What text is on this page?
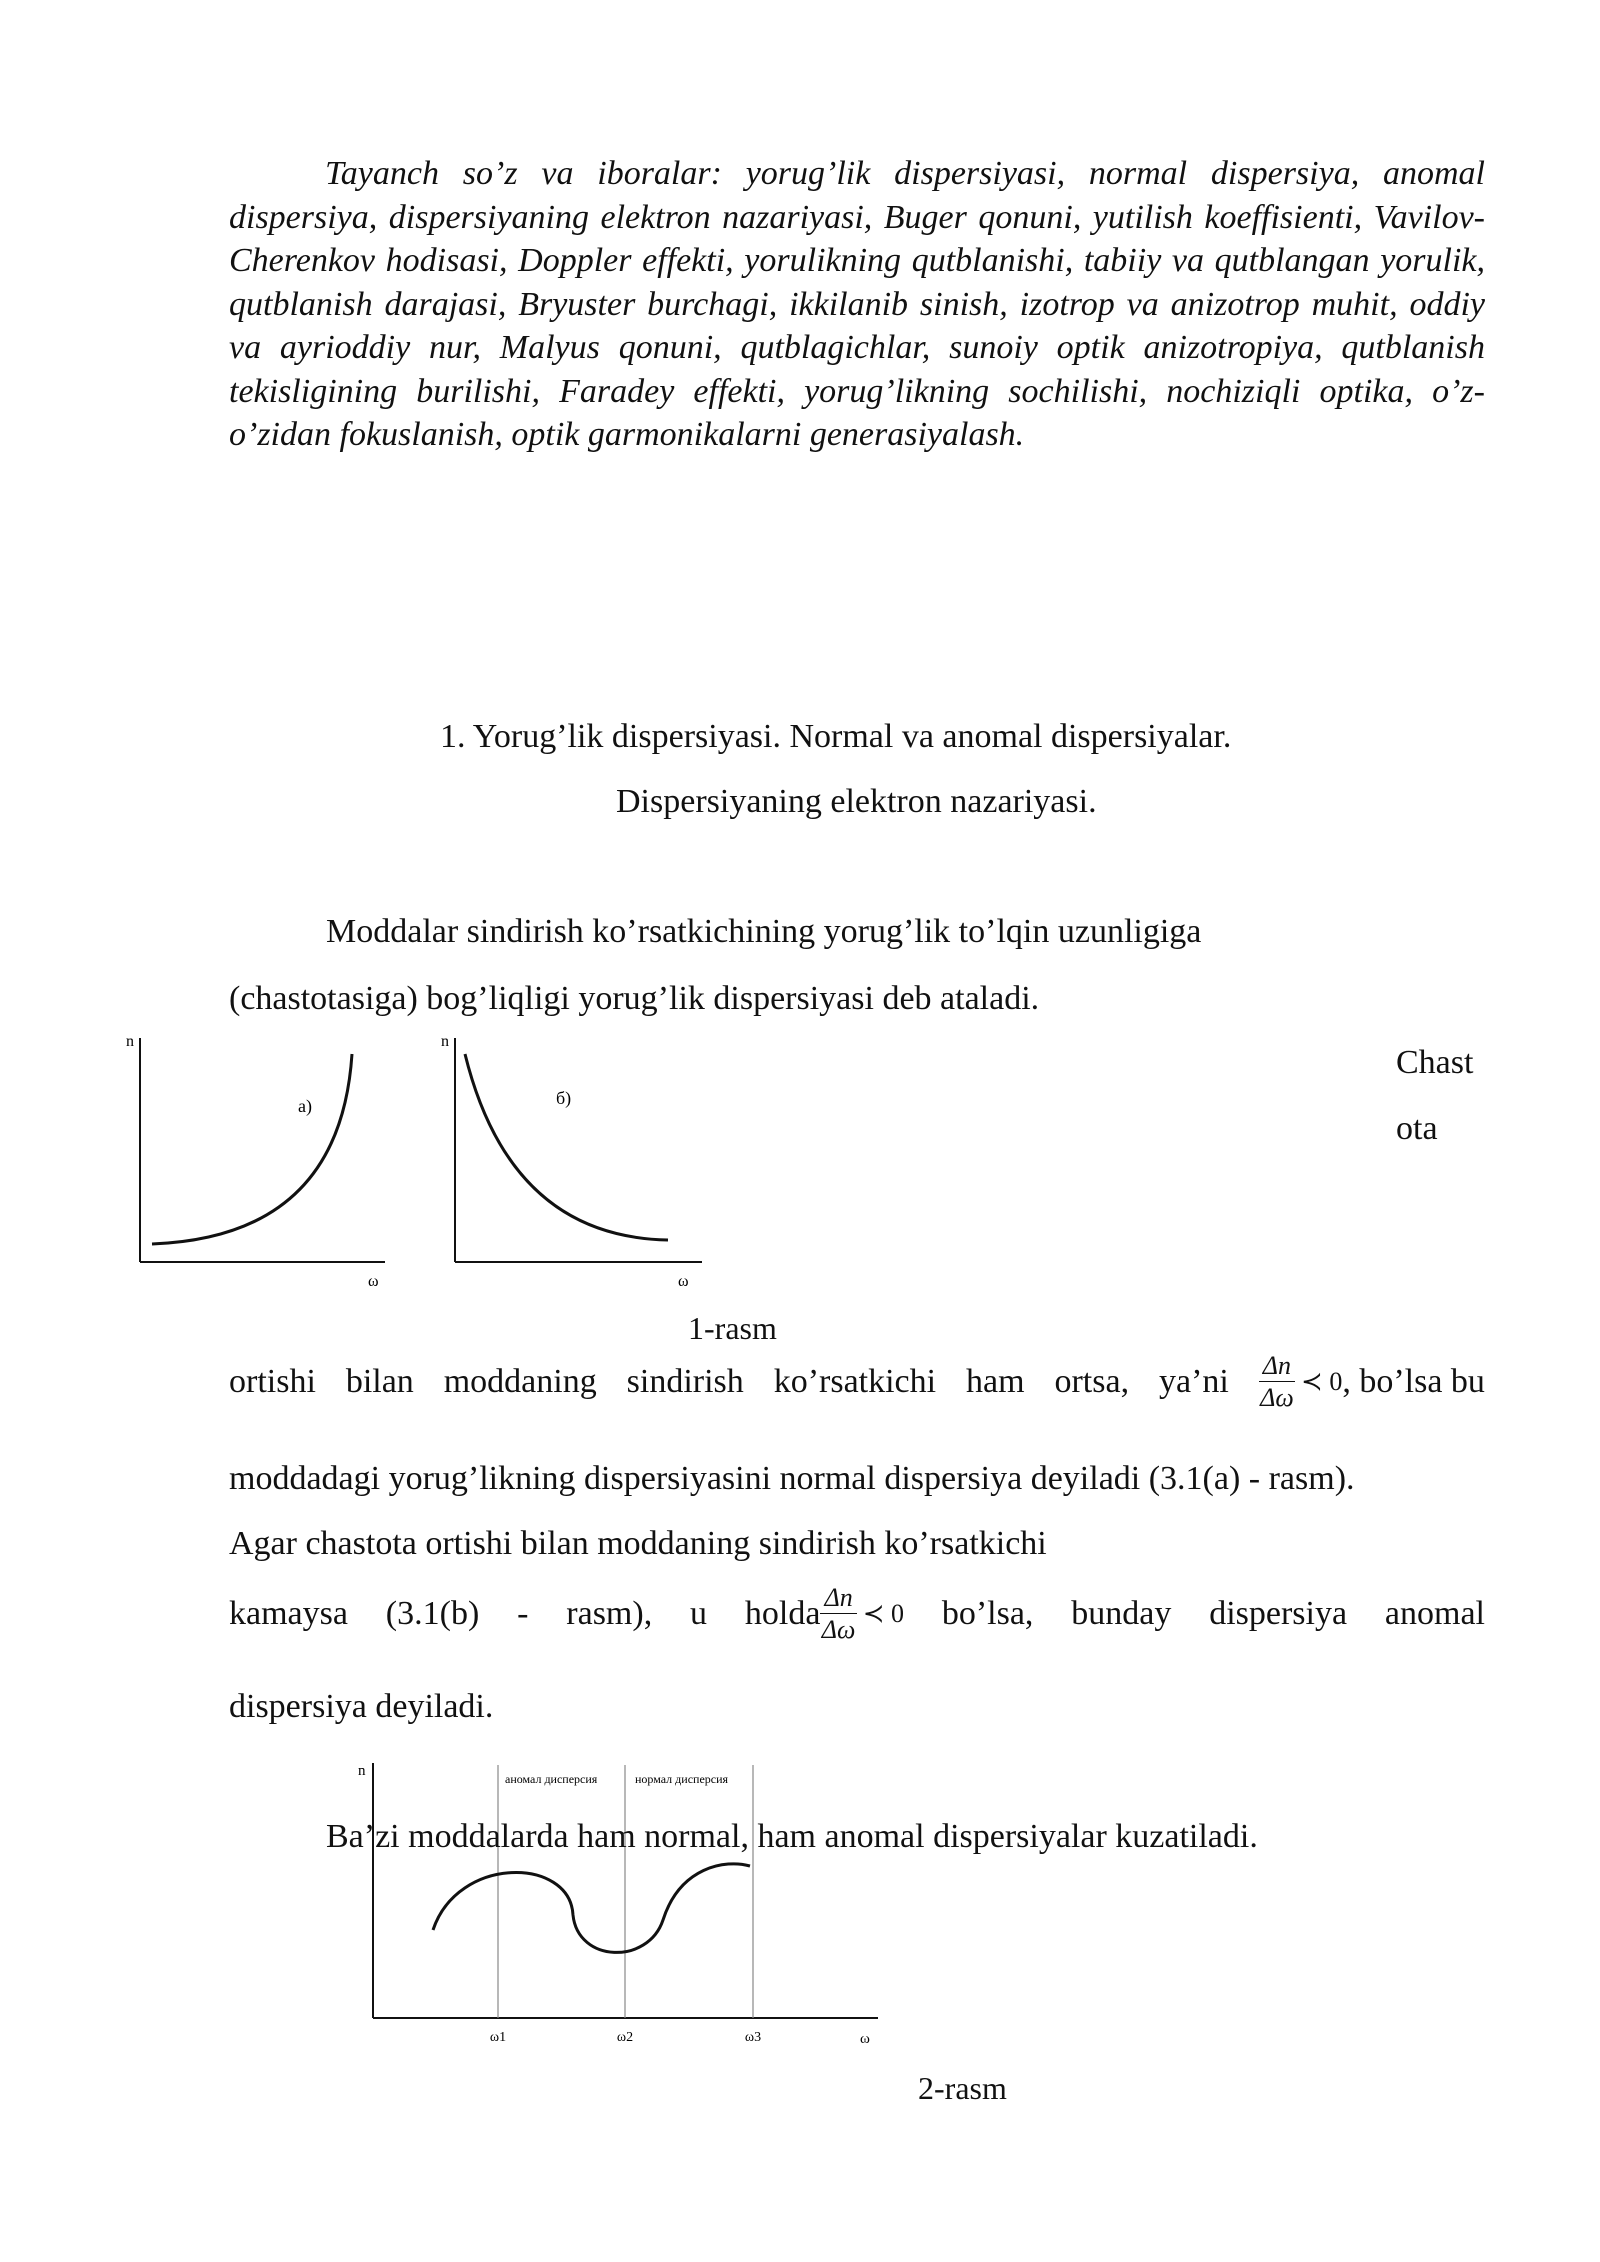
Tayanch so’z va iboralar: yorug’lik dispersiyasi, normal dispersiya, anomal dispersiya, dispersiyaning elektron nazariyasi, Buger qonuni, yutilish koeffisienti, Vavilov-Cherenkov hodisasi, Doppler effekti, yorulikning qutblanishi, tabiiy va qutblangan yorulik, qutblanish darajasi, Bryuster burchagi, ikkilanib sinish, izotrop va anizotrop muhit, oddiy va ayrioddiy nur, Malyus qonuni, qutblagichlar, sunoiy optik anizotropiya, qutblanish tekisligining burilishi, Faradey effekti, yorug’likning sochilishi, nochiziqli optika, o’z-o’zidan fokuslanish, optik garmonikalarni generasiyalash.
1. Yorug’lik dispersiyasi. Normal va anomal dispersiyalar.
Dispersiyaning elektron nazariyasi.
Moddalar sindirish ko’rsatkichining yorug’lik to’lqin uzunligiga
(chastotasiga) bog’liqligi yorug’lik dispersiyasi deb ataladi.
Chast
ota
n
ω
a)
n
ω
б)
1-rasm
ortishi bilan moddaning sindirish ko’rsatkichi ham ortsa, ya’ni $\frac{\Delta n}{\Delta\omega}$ ≺ 0 , bo’lsa bu
moddadagi yorug’likning dispersiyasini normal dispersiya deyiladi (3.1(a) - rasm).
Agar chastota ortishi bilan moddaning sindirish ko’rsatkichi
kamaysa (3.1(b) - rasm), u holda $\frac{\Delta n}{\Delta\omega}$ ≺ 0 bo’lsa, bunday dispersiya anomal
dispersiya deyiladi.
n
ω
аномал дисперсия	нормал дисперсия
ω1	ω2	ω3
Ba’zi moddalarda ham normal, ham anomal dispersiyalar kuzatiladi.
2-rasm
